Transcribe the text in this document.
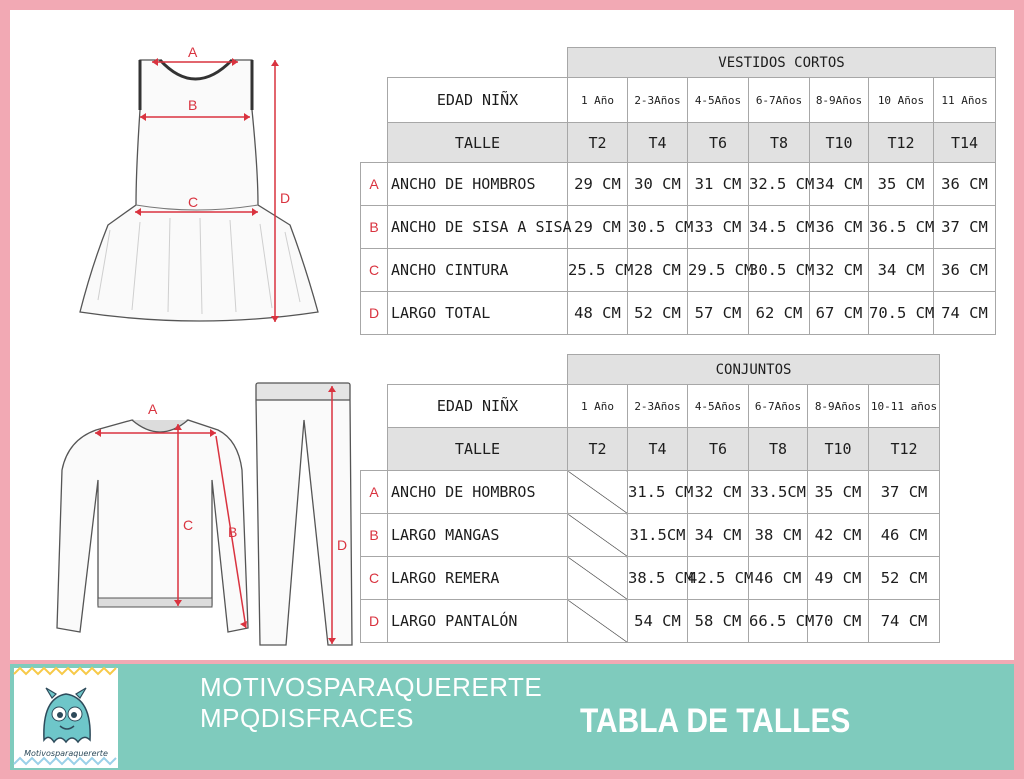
A
B
C	D
A
C B
D
		VESTIDOS CORTOS						
	EDAD NIÑX	1 Año	2-3Años	4-5Años	6-7Años	8-9Años	10 Años	11 Años
	TALLE	T2	T4	T6	T8	T10	T12	T14
A	ANCHO DE HOMBROS	29 CM	30 CM	31 CM	32.5 CM	34 CM	35 CM	36 CM
B	ANCHO DE SISA A SISA	29 CM	30.5 CM	33 CM	34.5 CM	36 CM	36.5 CM	37 CM
C	ANCHO CINTURA	25.5 CM	28 CM	29.5 CM	30.5 CM	32 CM	34 CM	36 CM
D	LARGO TOTAL	48 CM	52 CM	57 CM	62 CM	67 CM	70.5 CM	74 CM
		CONJUNTOS					
	EDAD NIÑX	1 Año	2-3Años	4-5Años	6-7Años	8-9Años	10-11 años
	TALLE	T2	T4	T6	T8	T10	T12
A	ANCHO DE HOMBROS		31.5 CM	32 CM	33.5CM	35 CM	37 CM
B	LARGO MANGAS		31.5CM	34 CM	38 CM	42 CM	46 CM
C	LARGO REMERA		38.5 CM	42.5 CM	46 CM	49 CM	52 CM
D	LARGO PANTALÓN		54 CM	58 CM	66.5 CM	70 CM	74 CM
Motivosparaquererte
MOTIVOSPARAQUERERTE
MPQDISFRACES	TABLA DE TALLES
